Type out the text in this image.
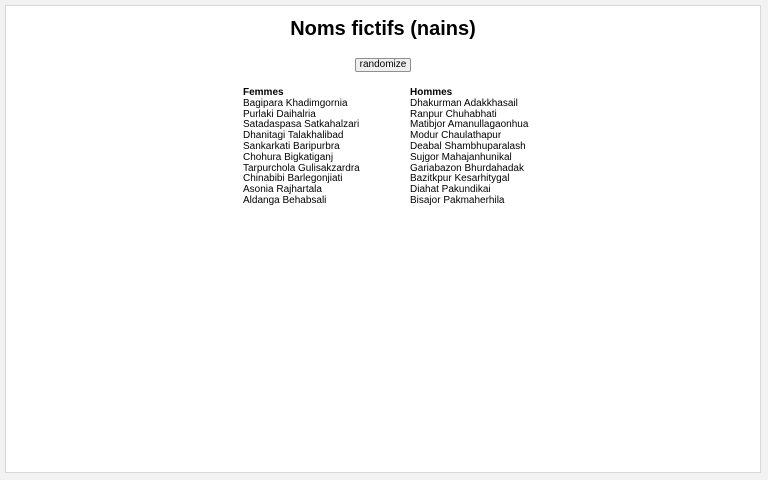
Noms fictifs (nains)
randomize
Femmes
Bagipara Khadimgornia
Purlaki Daihalria
Satadaspasa Satkahalzari
Dhanitagi Talakhalibad
Sankarkati Baripurbra
Chohura Bigkatiganj
Tarpurchola Gulisakzardra
Chinabibi Barlegonjiati
Asonia Rajhartala
Aldanga Behabsali
Hommes
Dhakurman Adakkhasail
Ranpur Chuhabhati
Matibjor Amanullagaonhua
Modur Chaulathapur
Deabal Shambhuparalash
Sujgor Mahajanhunikal
Gariabazon Bhurdahadak
Bazitkpur Kesarhitygal
Diahat Pakundikai
Bisajor Pakmaherhila
